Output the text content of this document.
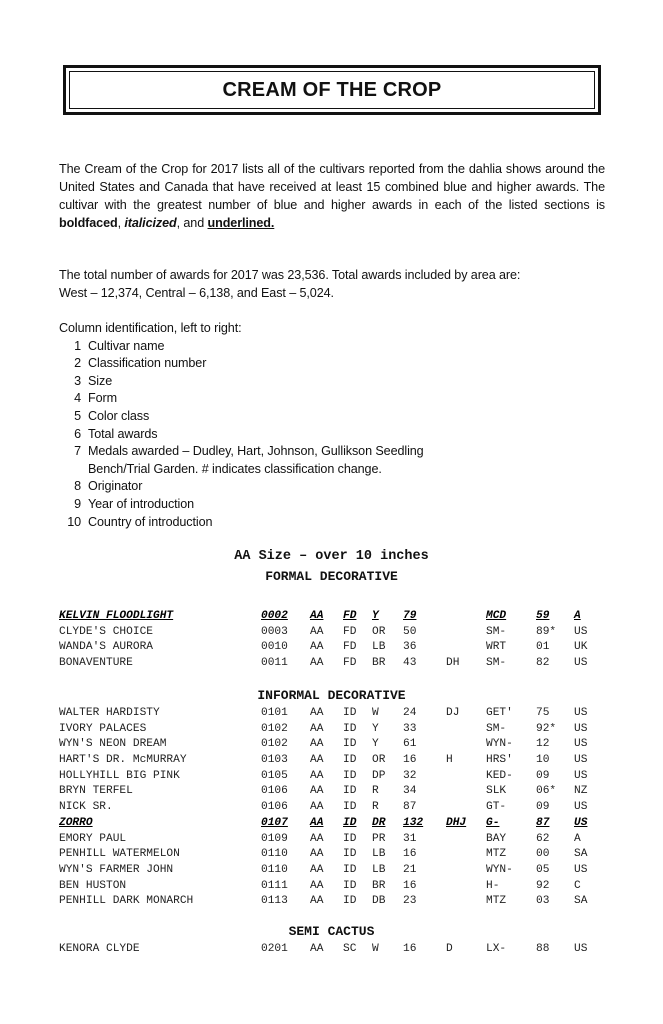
CREAM OF THE CROP
The Cream of the Crop for 2017 lists all of the cultivars reported from the dahlia shows around the United States and Canada that have received at least 15 combined blue and higher awards. The cultivar with the greatest number of blue and higher awards in each of the listed sections is boldfaced, italicized, and underlined.
The total number of awards for 2017 was 23,536. Total awards included by area are:
West – 12,374, Central – 6,138, and East – 5,024.
Column identification, left to right:
1 Cultivar name
2 Classification number
3 Size
4 Form
5 Color class
6 Total awards
7 Medals awarded – Dudley, Hart, Johnson, Gullikson Seedling Bench/Trial Garden. # indicates classification change.
8 Originator
9 Year of introduction
10 Country of introduction
AA Size – over 10 inches
FORMAL DECORATIVE
KELVIN FLOODLIGHT	0002 AA FD Y 79	MCD	59 A
CLYDE'S CHOICE	0003 AA FD OR 50	SM-	89* US
WANDA'S AURORA	0010 AA FD LB 36	WRT	01 UK
BONAVENTURE	0011 AA FD BR 43	DH SM-	82 US
INFORMAL DECORATIVE
WALTER HARDISTY	0101 AA ID W 24	DJ GET' 75 US
IVORY PALACES	0102 AA ID Y 33	SM-	92* US
WYN'S NEON DREAM	0102 AA ID Y 61	WYN- 12 US
HART'S DR. McMURRAY	0103 AA ID OR 16	H	HRS' 10 US
HOLLYHILL BIG PINK	0105 AA ID DP 32	KED- 09 US
BRYN TERFEL	0106 AA ID R 34	SLK	06* NZ
NICK SR.	0106 AA ID R 87	GT-	09 US
ZORRO	0107 AA ID DR 132 DHJ G-	87 US
EMORY PAUL	0109 AA ID PR 31	BAY	62 A
PENHILL WATERMELON	0110 AA ID LB 16	MTZ	00 SA
WYN'S FARMER JOHN	0110 AA ID LB 21	WYN- 05 US
BEN HUSTON	0111 AA ID BR 16	H-	92 C
PENHILL DARK MONARCH	0113 AA ID DB 23	MTZ	03 SA
SEMI CACTUS
KENORA CLYDE	0201 AA SC W 16	D	LX-	88 US
